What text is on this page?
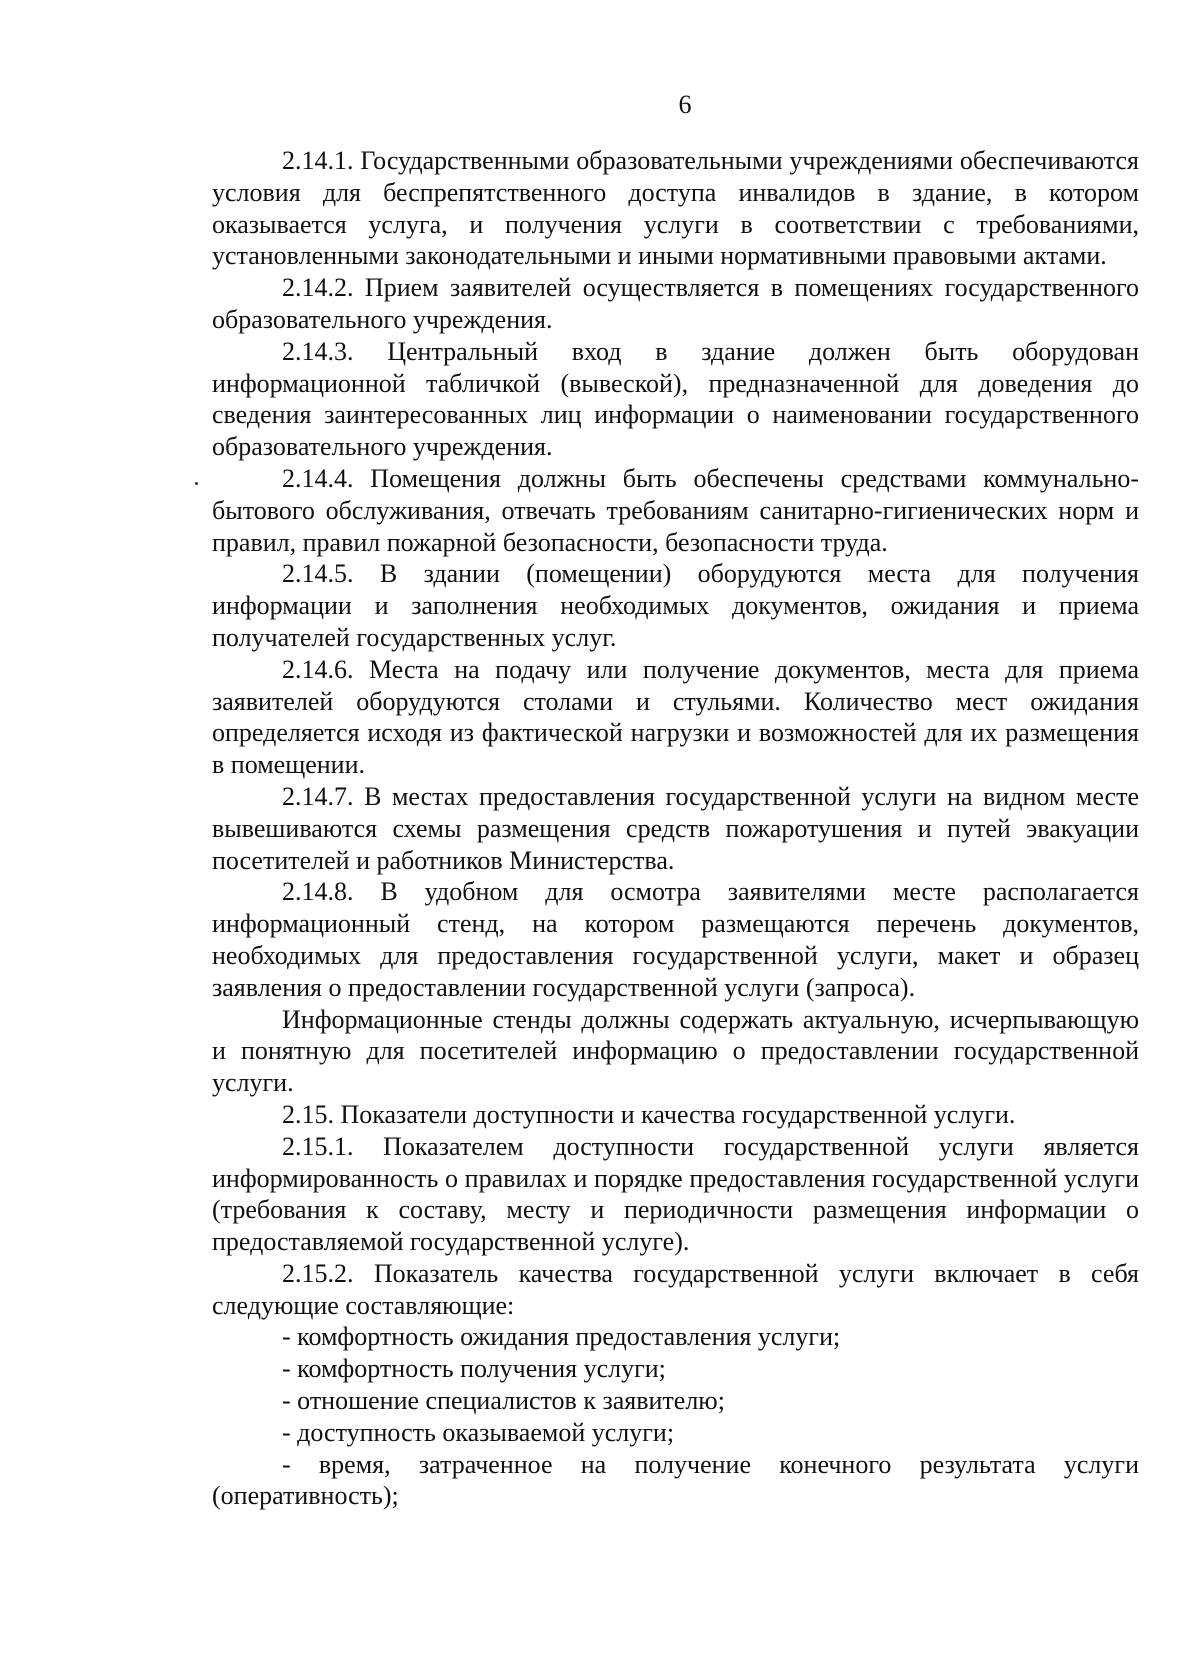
6

2.14.1. Государственными образовательными учреждениями обеспечиваются условия для беспрепятственного доступа инвалидов в здание, в котором оказывается услуга, и получения услуги в соответствии с требованиями, установленными законодательными и иными нормативными правовыми актами.

2.14.2. Прием заявителей осуществляется в помещениях государственного образовательного учреждения.

2.14.3. Центральный вход в здание должен быть оборудован информационной табличкой (вывеской), предназначенной для доведения до сведения заинтересованных лиц информации о наименовании государственного образовательного учреждения.

2.14.4. Помещения должны быть обеспечены средствами коммунально-бытового обслуживания, отвечать требованиям санитарно-гигиенических норм и правил, правил пожарной безопасности, безопасности труда.

2.14.5. В здании (помещении) оборудуются места для получения информации и заполнения необходимых документов, ожидания и приема получателей государственных услуг.

2.14.6. Места на подачу или получение документов, места для приема заявителей оборудуются столами и стульями. Количество мест ожидания определяется исходя из фактической нагрузки и возможностей для их размещения в помещении.

2.14.7. В местах предоставления государственной услуги на видном месте вывешиваются схемы размещения средств пожаротушения и путей эвакуации посетителей и работников Министерства.

2.14.8. В удобном для осмотра заявителями месте располагается информационный стенд, на котором размещаются перечень документов, необходимых для предоставления государственной услуги, макет и образец заявления о предоставлении государственной услуги (запроса).

Информационные стенды должны содержать актуальную, исчерпывающую и понятную для посетителей информацию о предоставлении государственной услуги.

2.15. Показатели доступности и качества государственной услуги.

2.15.1. Показателем доступности государственной услуги является информированность о правилах и порядке предоставления государственной услуги (требования к составу, месту и периодичности размещения информации о предоставляемой государственной услуге).

2.15.2. Показатель качества государственной услуги включает в себя следующие составляющие:

- комфортность ожидания предоставления услуги;

- комфортность получения услуги;

- отношение специалистов к заявителю;

- доступность оказываемой услуги;

- время, затраченное на получение конечного результата услуги (оперативность);
